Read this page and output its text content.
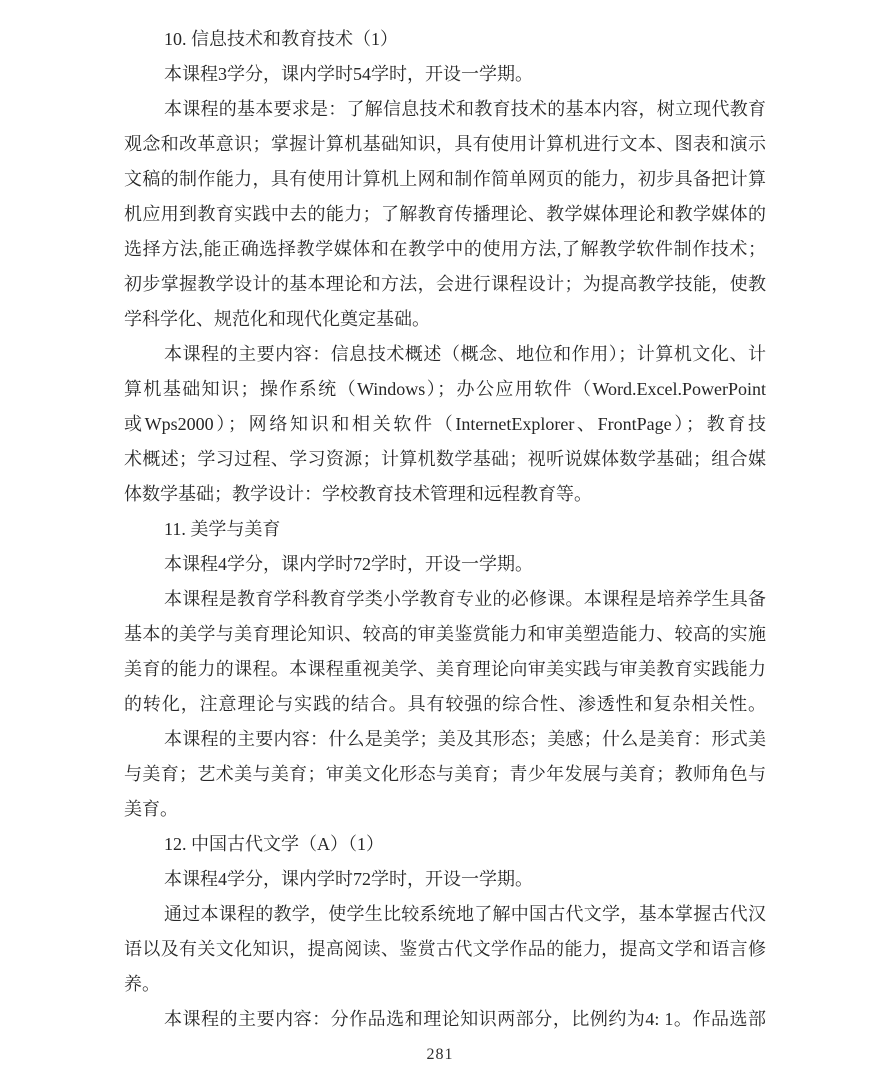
10. 信息技术和教育技术（1）
本课程3学分，课内学时54学时，开设一学期。
本课程的基本要求是：了解信息技术和教育技术的基本内容，树立现代教育
观念和改革意识；掌握计算机基础知识，具有使用计算机进行文本、图表和演示
文稿的制作能力，具有使用计算机上网和制作简单网页的能力，初步具备把计算
机应用到教育实践中去的能力；了解教育传播理论、教学媒体理论和教学媒体的
选择方法,能正确选择教学媒体和在教学中的使用方法,了解教学软件制作技术；
初步掌握教学设计的基本理论和方法，会进行课程设计；为提高教学技能，使教
学科学化、规范化和现代化奠定基础。
本课程的主要内容：信息技术概述（概念、地位和作用）；计算机文化、计
算机基础知识；操作系统（Windows）；办公应用软件（Word.Excel.PowerPoint
或Wps2000）；网络知识和相关软件（InternetExplorer、FrontPage）；教育技
术概述；学习过程、学习资源；计算机数学基础；视听说媒体数学基础；组合媒
体数学基础；教学设计：学校教育技术管理和远程教育等。
11. 美学与美育
本课程4学分，课内学时72学时，开设一学期。
本课程是教育学科教育学类小学教育专业的必修课。本课程是培养学生具备
基本的美学与美育理论知识、较高的审美鉴赏能力和审美塑造能力、较高的实施
美育的能力的课程。本课程重视美学、美育理论向审美实践与审美教育实践能力
的转化，注意理论与实践的结合。具有较强的综合性、渗透性和复杂相关性。
本课程的主要内容：什么是美学；美及其形态；美感；什么是美育：形式美
与美育；艺术美与美育；审美文化形态与美育；青少年发展与美育；教师角色与
美育。
12. 中国古代文学（A）（1）
本课程4学分，课内学时72学时，开设一学期。
通过本课程的教学，使学生比较系统地了解中国古代文学，基本掌握古代汉
语以及有关文化知识，提高阅读、鉴赏古代文学作品的能力，提高文学和语言修
养。
本课程的主要内容：分作品选和理论知识两部分，比例约为4: 1。作品选部
281
